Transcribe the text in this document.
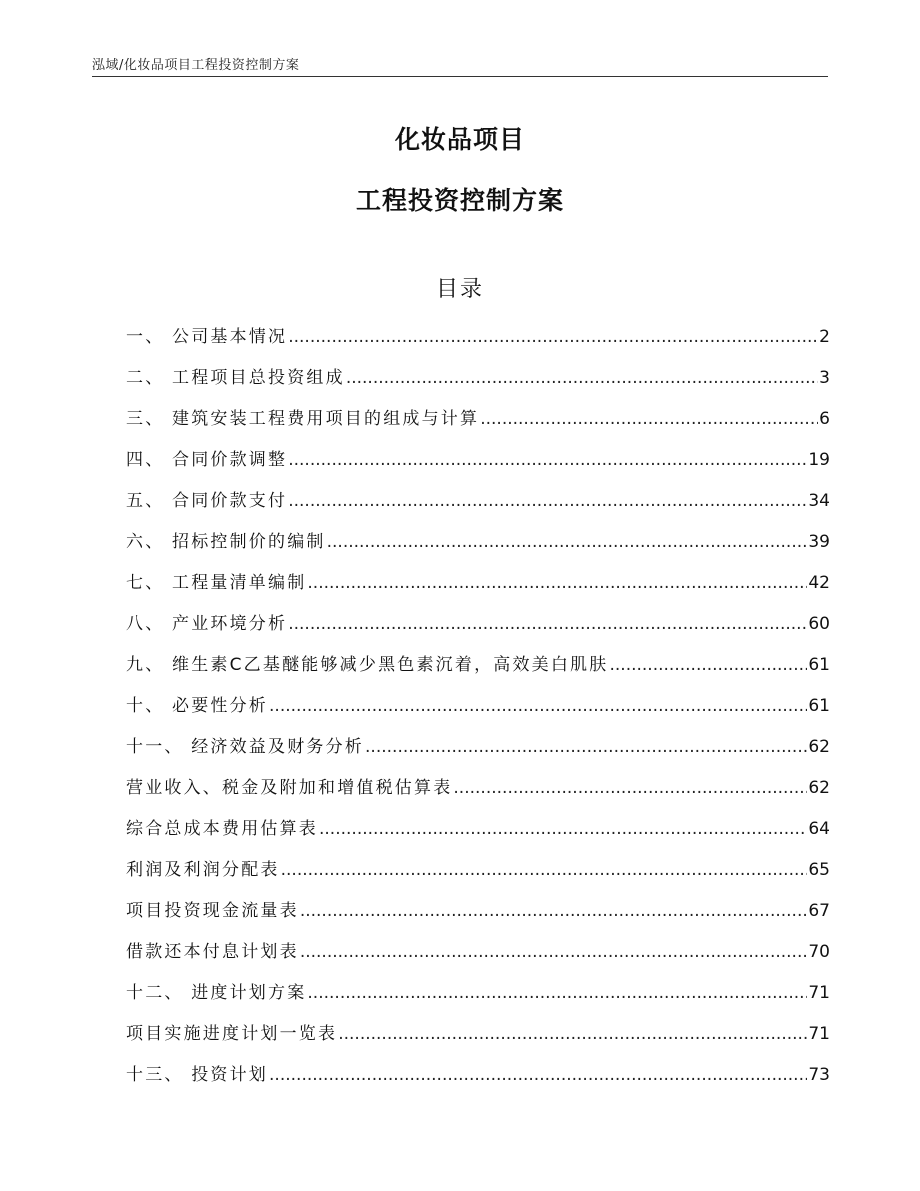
泓域/化妆品项目工程投资控制方案
化妆品项目
工程投资控制方案
目录
一、 公司基本情况 .....	2
二、 工程项目总投资组成 .....	3
三、 建筑安装工程费用项目的组成与计算 .....	6
四、 合同价款调整 .....	19
五、 合同价款支付 .....	34
六、 招标控制价的编制 .....	39
七、 工程量清单编制 .....	42
八、 产业环境分析 .....	60
九、 维生素C乙基醚能够减少黑色素沉着，高效美白肌肤 .....	61
十、 必要性分析 .....	61
十一、 经济效益及财务分析 .....	62
营业收入、税金及附加和增值税估算表 .....	62
综合总成本费用估算表 .....	64
利润及利润分配表 .....	65
项目投资现金流量表 .....	67
借款还本付息计划表 .....	70
十二、 进度计划方案 .....	71
项目实施进度计划一览表 .....	71
十三、 投资计划 .....	73
